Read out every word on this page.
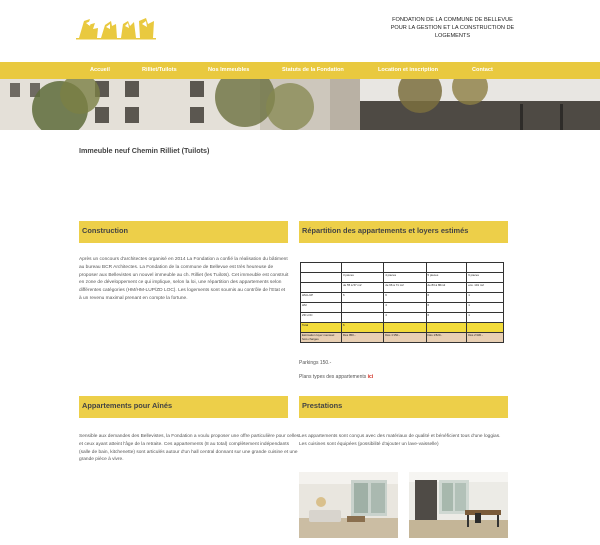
FONDATION DE LA COMMUNE DE BELLEVUE
POUR LA GESTION ET LA CONSTRUCTION DE
LOGEMENTS
Accueil	Rilliet/Tuilots	Nos Immeubles	Statuts de la Fondation	Location et inscription	Contact
Immeuble neuf Chemin Rilliet (Tuilots)
Construction
Après un concours d'architectes organisé en 2014 La Fondation a confié la réalisation du bâtiment au bureau BCR Architectes. La Fondation de la commune de Bellevue est très heureuse de proposer aux Bellevistes un nouvel immeuble au ch. Rilliet (les Tuilots). Cet immeuble est construit en zone de développement ce qui implique, selon la loi, une répartition des appartements selon différentes catégories (HM/HM-LUP/ZD LOC). Les logements sont soumis au contrôle de l'Etat et à un revenu maximal prenant en compte la fortune.
Répartition des appartements et loyers estimés

	3 pièces	4 pièces	5 pièces	6 pièces
	de 55 à 57 m2	de 66 à 71 m2	de 83 à 86m2	env. 101 m2
HM-LUP	6	6	6	1
HM		4	6	1
ZD LOC		4	6	1
Total	6			
Estimation loyer mensuel hors charges	Dès 950.-	Dès 1'150.-	Dès 1'820.-	Dès 2'430.-
Parkings 150.-
Plans types des appartements ici
Appartements pour Aînés
Sensible aux demandes des Bellevistes, la Fondation a voulu proposer une offre particulière pour celles et ceux ayant atteint l'âge de la retraite. Ces appartements (8 au total) complètement indépendants (salle de bain, kitchenette) sont articulés autour d'un hall central donnant sur une grande cuisine et une grande pièce à vivre.
Prestations
Les appartements sont conçus avec des matériaux de qualité et bénéficient tous d'une loggias. Les cuisines sont équipées (possibilité d'ajouter un lave-vaisselle)
